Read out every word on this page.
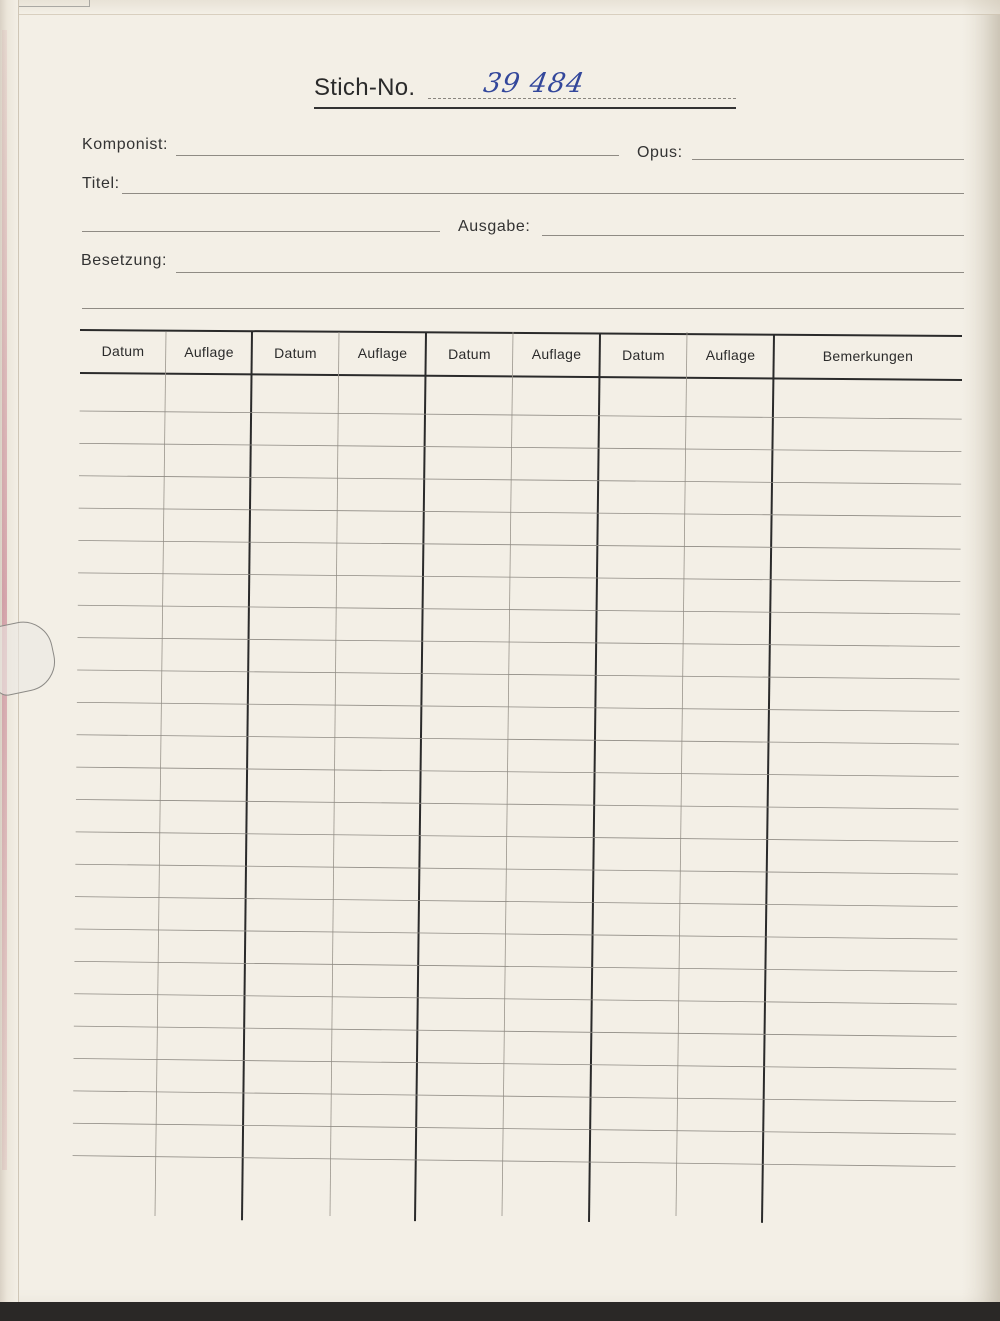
Stich-No. 39 484
Komponist:	Opus:
Titel:
Ausgabe:
Besetzung:
Datum	Auflage	Datum	Auflage	Datum	Auflage	Datum	Auflage	Bemerkungen
